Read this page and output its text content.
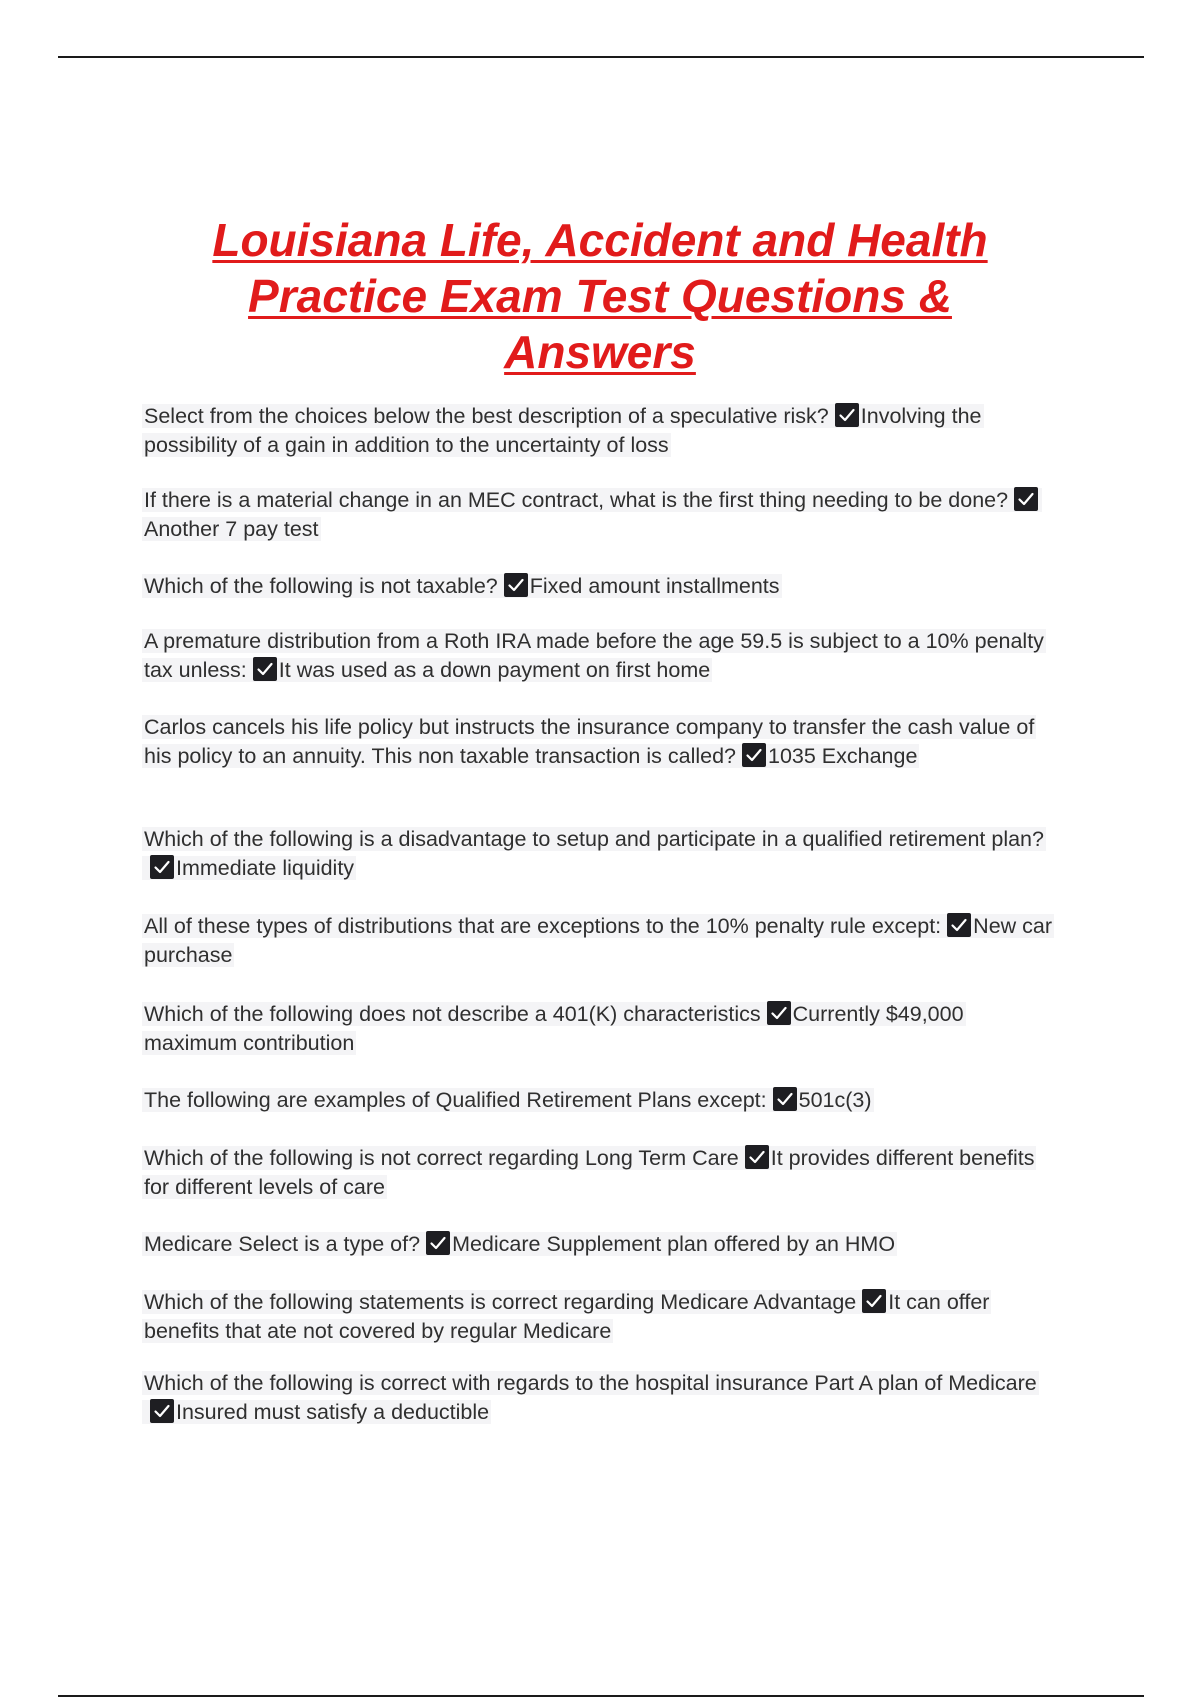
Louisiana Life, Accident and Health
Practice Exam Test Questions &
Answers
Select from the choices below the best description of a speculative risk? Involving the possibility of a gain in addition to the uncertainty of loss
If there is a material change in an MEC contract, what is the first thing needing to be done?
Another 7 pay test
Which of the following is not taxable? Fixed amount installments
A premature distribution from a Roth IRA made before the age 59.5 is subject to a 10% penalty tax unless: It was used as a down payment on first home
Carlos cancels his life policy but instructs the insurance company to transfer the cash value of his policy to an annuity. This non taxable transaction is called? 1035 Exchange
Which of the following is a disadvantage to setup and participate in a qualified retirement plan?
Immediate liquidity
All of these types of distributions that are exceptions to the 10% penalty rule except: New car purchase
Which of the following does not describe a 401(K) characteristics Currently $49,000 maximum contribution
The following are examples of Qualified Retirement Plans except: 501c(3)
Which of the following is not correct regarding Long Term Care It provides different benefits for different levels of care
Medicare Select is a type of? Medicare Supplement plan offered by an HMO
Which of the following statements is correct regarding Medicare Advantage It can offer benefits that ate not covered by regular Medicare
Which of the following is correct with regards to the hospital insurance Part A plan of Medicare
Insured must satisfy a deductible
